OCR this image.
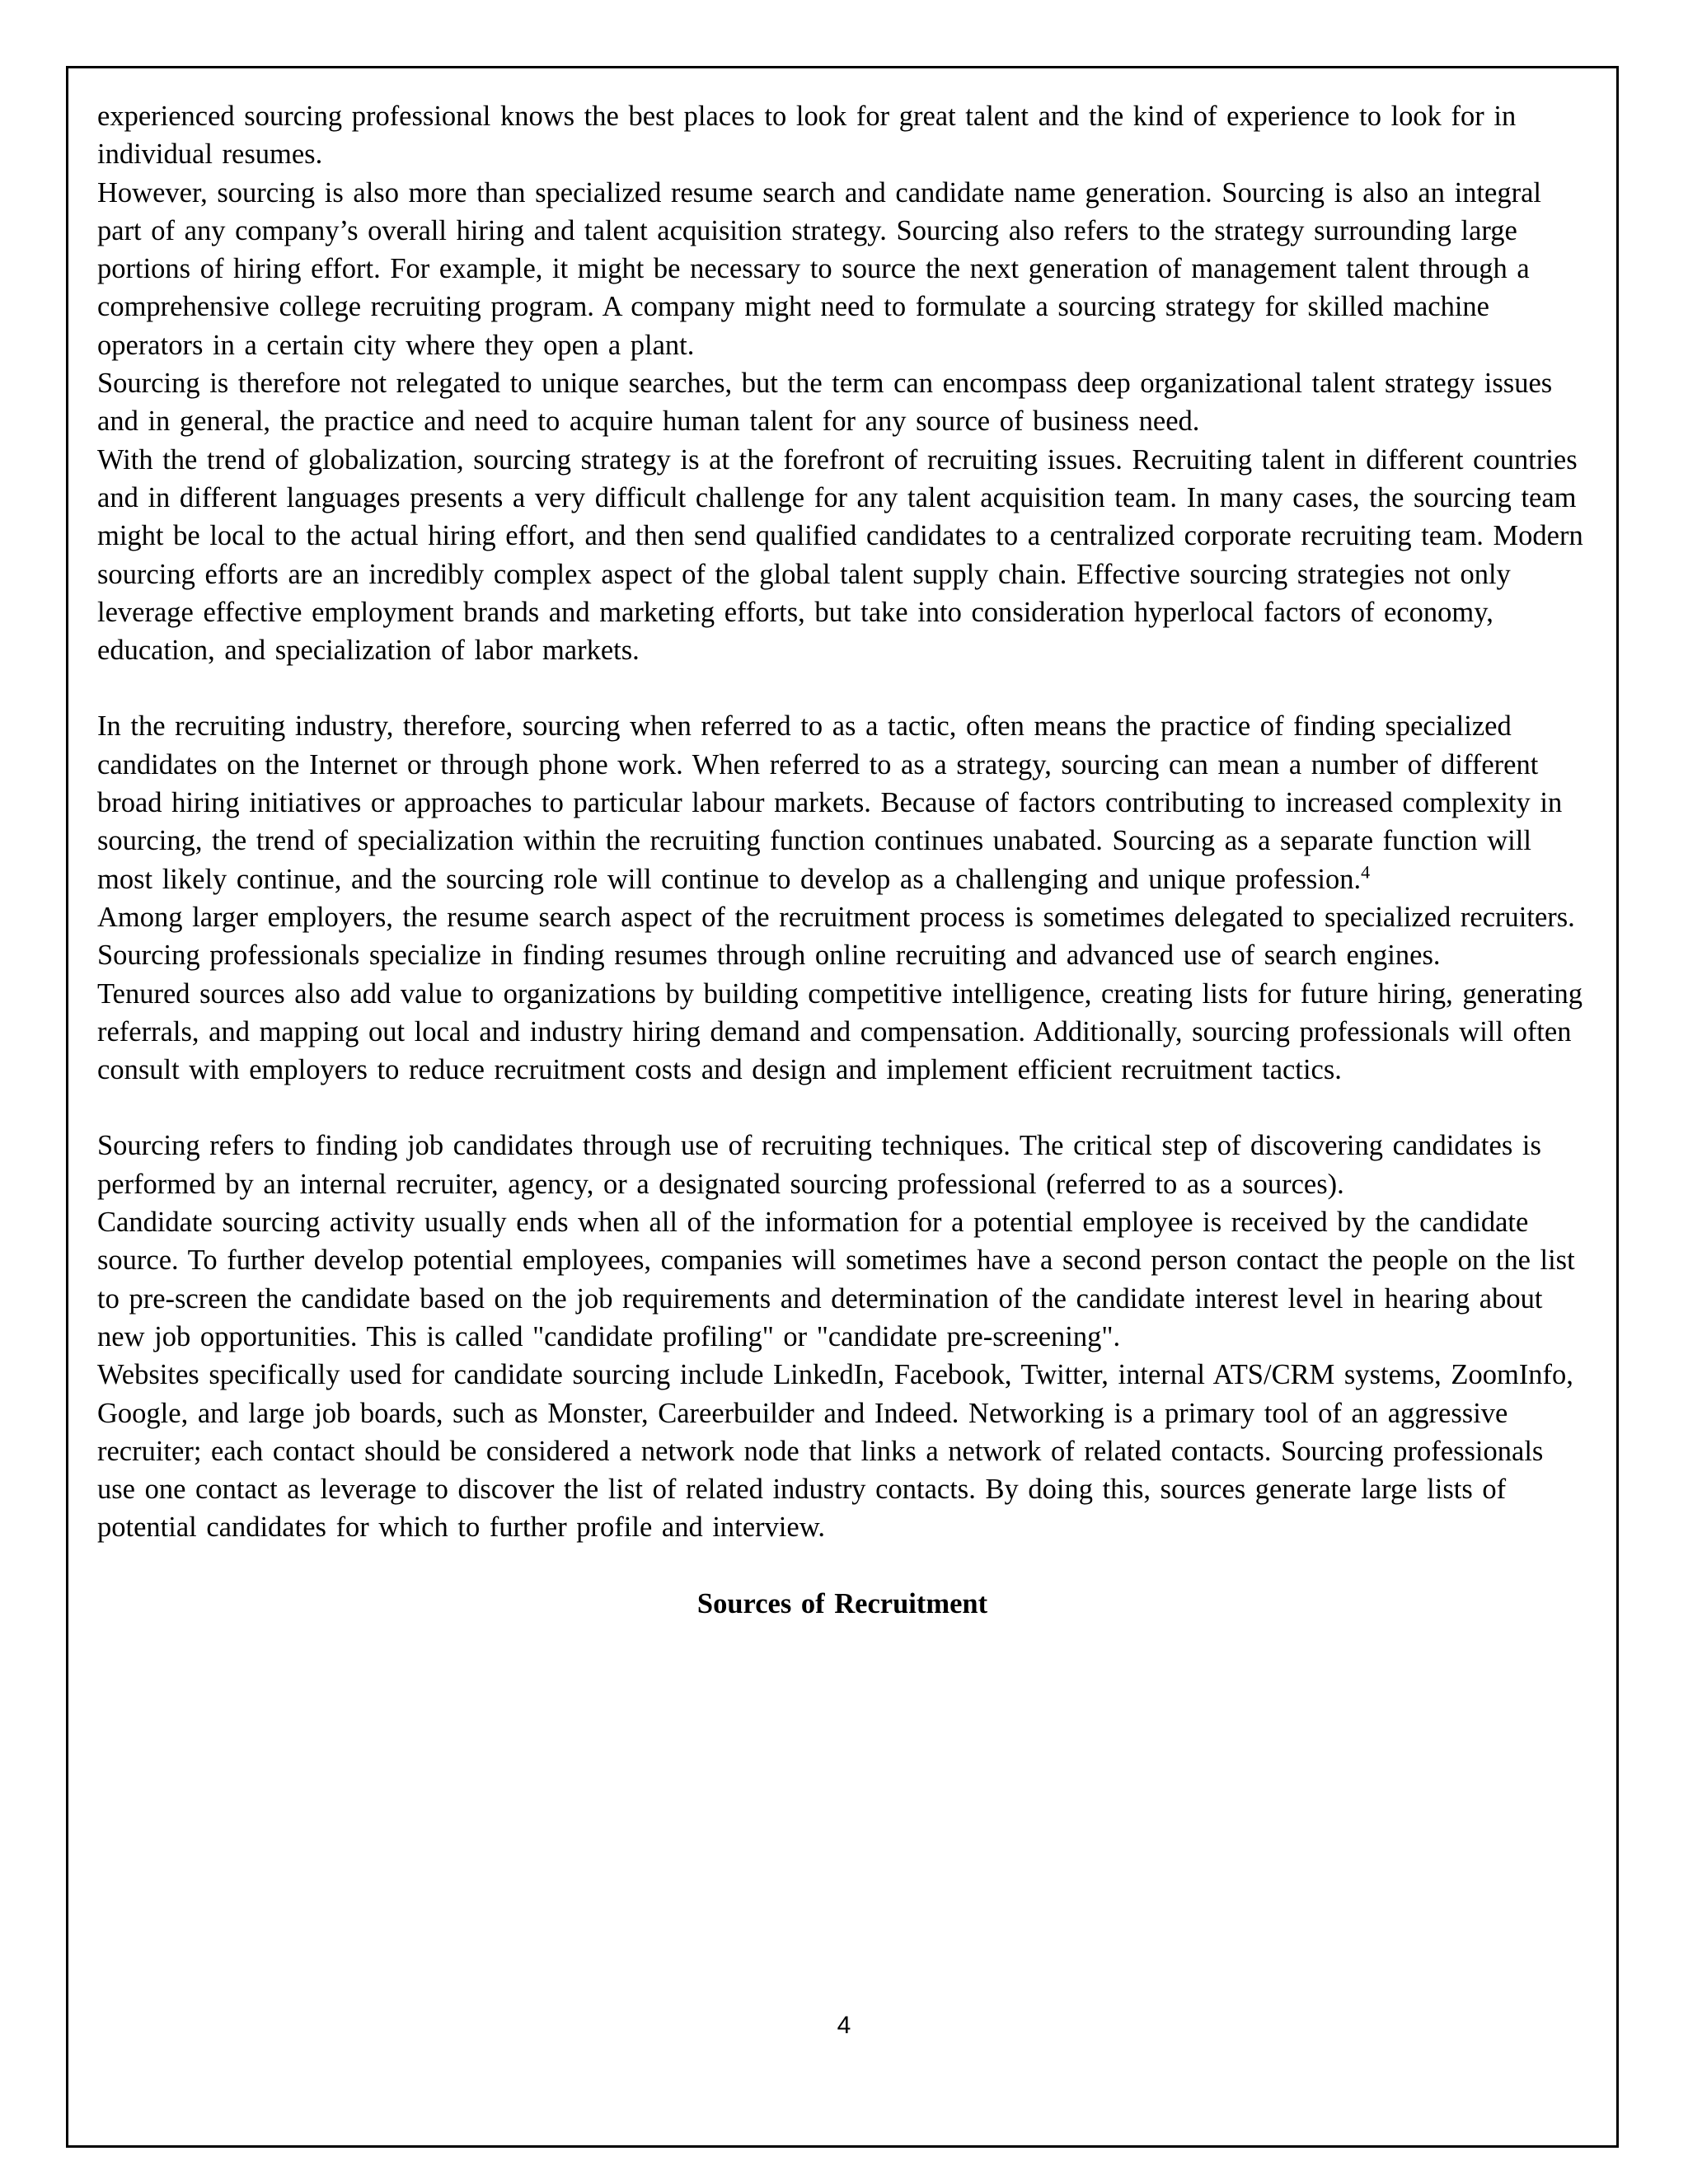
experienced sourcing professional knows the best places to look for great talent and the kind of experience to look for in individual resumes.

However, sourcing is also more than specialized resume search and candidate name generation. Sourcing is also an integral part of any company’s overall hiring and talent acquisition strategy. Sourcing also refers to the strategy surrounding large portions of hiring effort. For example, it might be necessary to source the next generation of management talent through a comprehensive college recruiting program. A company might need to formulate a sourcing strategy for skilled machine operators in a certain city where they open a plant.

Sourcing is therefore not relegated to unique searches, but the term can encompass deep organizational talent strategy issues and in general, the practice and need to acquire human talent for any source of business need.

With the trend of globalization, sourcing strategy is at the forefront of recruiting issues. Recruiting talent in different countries and in different languages presents a very difficult challenge for any talent acquisition team. In many cases, the sourcing team might be local to the actual hiring effort, and then send qualified candidates to a centralized corporate recruiting team. Modern sourcing efforts are an incredibly complex aspect of the global talent supply chain. Effective sourcing strategies not only leverage effective employment brands and marketing efforts, but take into consideration hyperlocal factors of economy, education, and specialization of labor markets.

In the recruiting industry, therefore, sourcing when referred to as a tactic, often means the practice of finding specialized candidates on the Internet or through phone work. When referred to as a strategy, sourcing can mean a number of different broad hiring initiatives or approaches to particular labour markets. Because of factors contributing to increased complexity in sourcing, the trend of specialization within the recruiting function continues unabated. Sourcing as a separate function will most likely continue, and the sourcing role will continue to develop as a challenging and unique profession.$^4$

Among larger employers, the resume search aspect of the recruitment process is sometimes delegated to specialized recruiters. Sourcing professionals specialize in finding resumes through online recruiting and advanced use of search engines.

Tenured sources also add value to organizations by building competitive intelligence, creating lists for future hiring, generating referrals, and mapping out local and industry hiring demand and compensation. Additionally, sourcing professionals will often consult with employers to reduce recruitment costs and design and implement efficient recruitment tactics.

Sourcing refers to finding job candidates through use of recruiting techniques. The critical step of discovering candidates is performed by an internal recruiter, agency, or a designated sourcing professional (referred to as a sources).

Candidate sourcing activity usually ends when all of the information for a potential employee is received by the candidate source. To further develop potential employees, companies will sometimes have a second person contact the people on the list to pre-screen the candidate based on the job requirements and determination of the candidate interest level in hearing about new job opportunities. This is called "candidate profiling" or "candidate pre-screening".

Websites specifically used for candidate sourcing include LinkedIn, Facebook, Twitter, internal ATS/CRM systems, ZoomInfo, Google, and large job boards, such as Monster, Careerbuilder and Indeed. Networking is a primary tool of an aggressive recruiter; each contact should be considered a network node that links a network of related contacts. Sourcing professionals use one contact as leverage to discover the list of related industry contacts. By doing this, sources generate large lists of potential candidates for which to further profile and interview.

Sources of Recruitment

4
